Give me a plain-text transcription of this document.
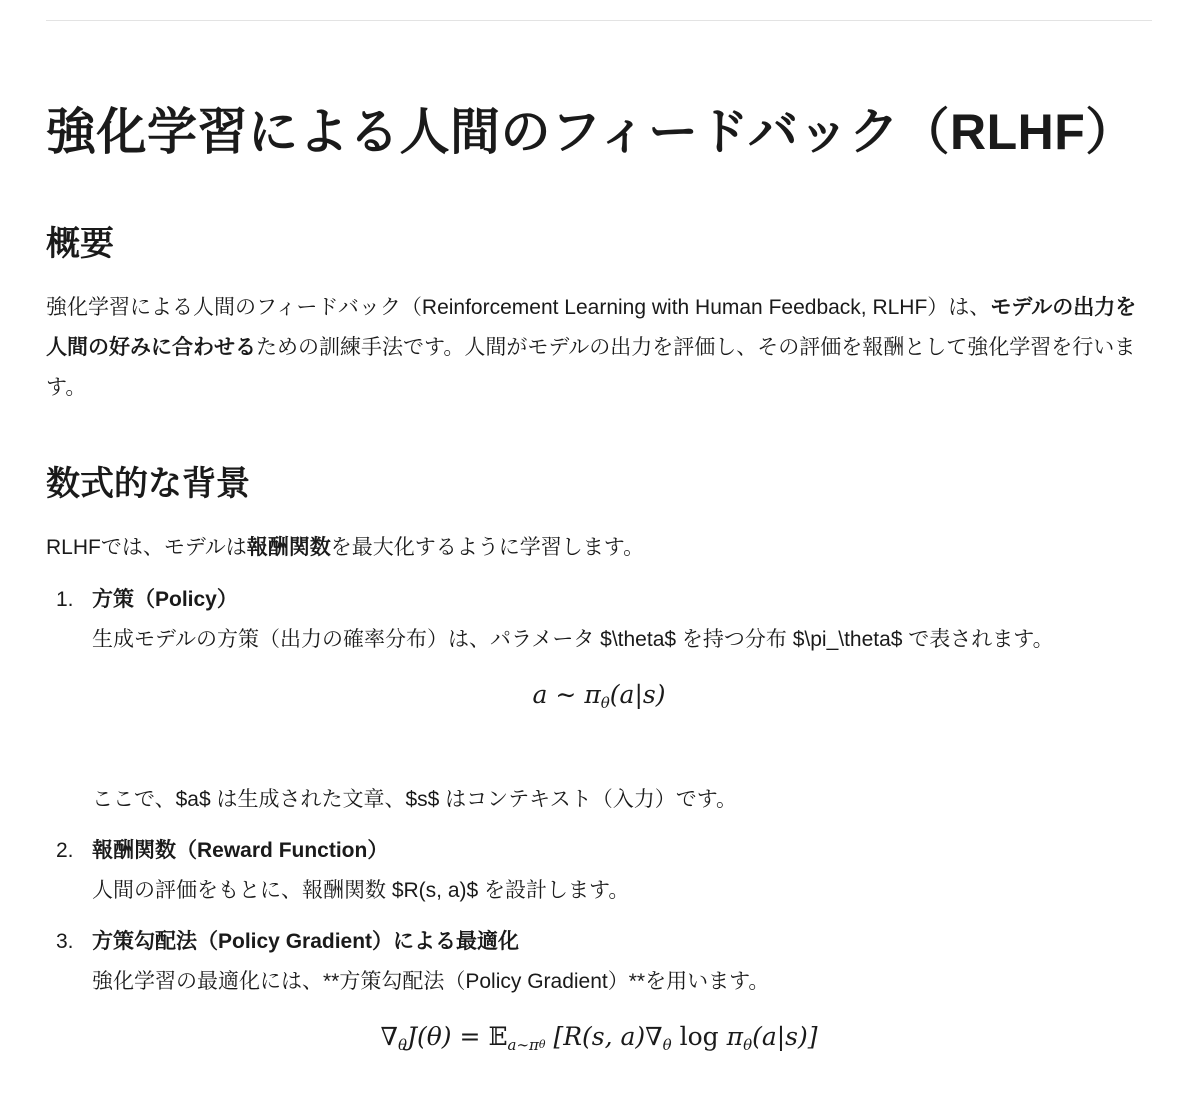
強化学習による人間のフィードバック（RLHF）
概要

強化学習による人間のフィードバック（Reinforcement Learning with Human Feedback, RLHF）は、モデルの出力を人間の好みに合わせるための訓練手法です。人間がモデルの出力を評価し、その評価を報酬として強化学習を行います。

数式的な背景

RLHFでは、モデルは報酬関数を最大化するように学習します。

1. 方策（Policy）
生成モデルの方策（出力の確率分布）は、パラメータ $\theta$ を持つ分布 $\pi_\theta$ で表されます。
a ∼ $\pi_\theta(a|s)$

ここで、$a$ は生成された文章、$s$ はコンテキスト（入力）です。

2. 報酬関数（Reward Function）
人間の評価をもとに、報酬関数 $R(s, a)$ を設計します。
3. 方策勾配法（Policy Gradient）による最適化
強化学習の最適化には、**方策勾配法（Policy Gradient）**を用います。
$\nabla_\theta J(\theta)$ = 𝔼$_{a\sim\pi}$θ [R(s, $a)\nabla_\theta$ $\log \pi_\theta(a|s)$]
